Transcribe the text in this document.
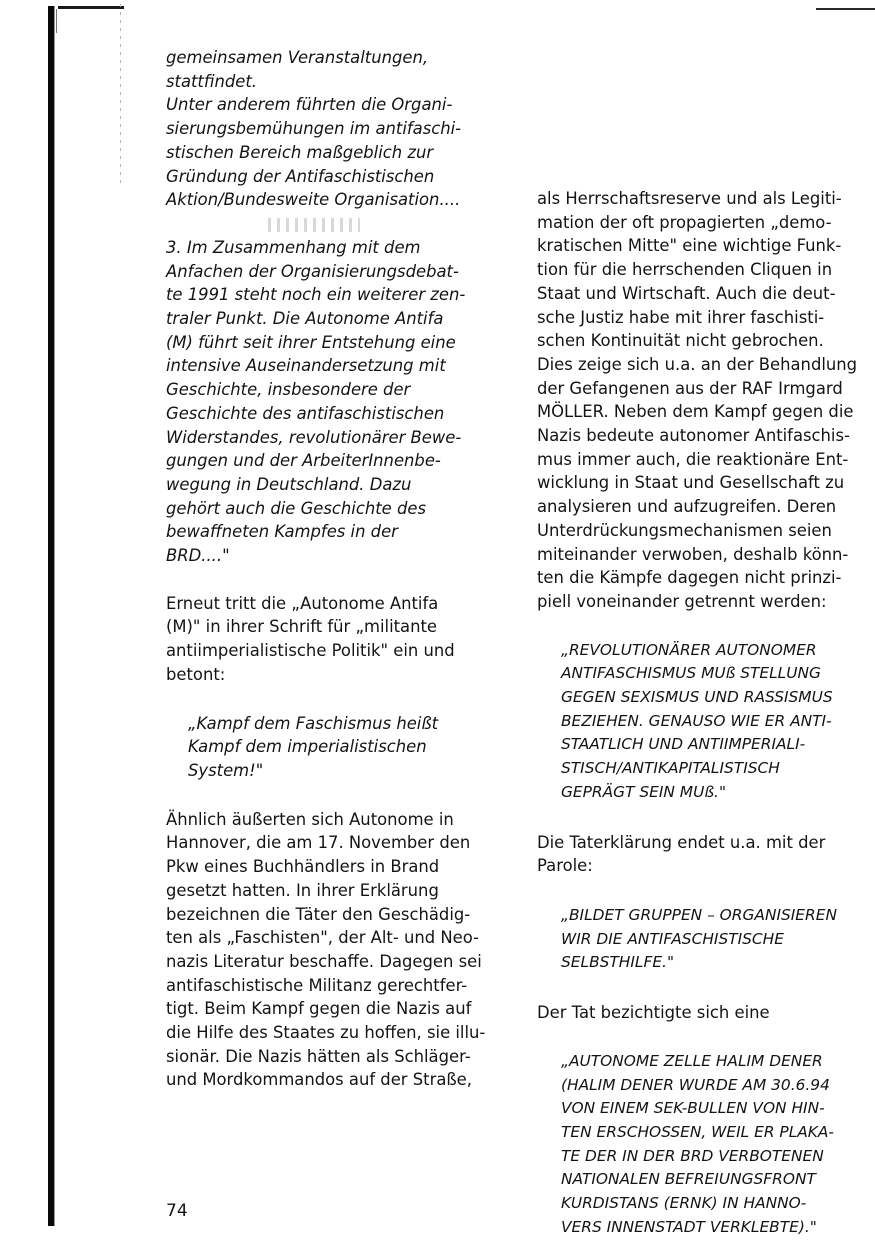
gemeinsamen Veranstaltungen,
stattfindet.

Unter anderem führten die Organi-
sierungsbemühungen im antifaschi-
stischen Bereich maßgeblich zur
Gründung der Antifaschistischen
Aktion/Bundesweite Organisation....

3. Im Zusammenhang mit dem
Anfachen der Organisierungsdebat-
te 1991 steht noch ein weiterer zen-
traler Punkt. Die Autonome Antifa
(M) führt seit ihrer Entstehung eine
intensive Auseinandersetzung mit
Geschichte, insbesondere der
Geschichte des antifaschistischen
Widerstandes, revolutionärer Bewe-
gungen und der ArbeiterInnenbe-
wegung in Deutschland. Dazu
gehört auch die Geschichte des
bewaffneten Kampfes in der
BRD...."

Erneut tritt die „Autonome Antifa
(M)" in ihrer Schrift für „militante
antiimperialistische Politik" ein und
betont:

„Kampf dem Faschismus heißt
Kampf dem imperialistischen
System!"

Ähnlich äußerten sich Autonome in
Hannover, die am 17. November den
Pkw eines Buchhändlers in Brand
gesetzt hatten. In ihrer Erklärung
bezeichnen die Täter den Geschädig-
ten als „Faschisten", der Alt- und Neo-
nazis Literatur beschaffe. Dagegen sei
antifaschistische Militanz gerechtfer-
tigt. Beim Kampf gegen die Nazis auf
die Hilfe des Staates zu hoffen, sie illu-
sionär. Die Nazis hätten als Schläger-
und Mordkommandos auf der Straße,

als Herrschaftsreserve und als Legiti-
mation der oft propagierten „demo-
kratischen Mitte" eine wichtige Funk-
tion für die herrschenden Cliquen in
Staat und Wirtschaft. Auch die deut-
sche Justiz habe mit ihrer faschisti-
schen Kontinuität nicht gebrochen.
Dies zeige sich u.a. an der Behandlung
der Gefangenen aus der RAF Irmgard
MÖLLER. Neben dem Kampf gegen die
Nazis bedeute autonomer Antifaschis-
mus immer auch, die reaktionäre Ent-
wicklung in Staat und Gesellschaft zu
analysieren und aufzugreifen. Deren
Unterdrückungsmechanismen seien
miteinander verwoben, deshalb könn-
ten die Kämpfe dagegen nicht prinzi-
piell voneinander getrennt werden:

„REVOLUTIONÄRER AUTONOMER
ANTIFASCHISMUS MUß STELLUNG
GEGEN SEXISMUS UND RASSISMUS
BEZIEHEN. GENAUSO WIE ER ANTI-
STAATLICH UND ANTIIMPERIALI-
STISCH/ANTIKAPITALISTISCH
GEPRÄGT SEIN MUß."

Die Taterklärung endet u.a. mit der
Parole:

„BILDET GRUPPEN – ORGANISIEREN
WIR DIE ANTIFASCHISTISCHE
SELBSTHILFE."

Der Tat bezichtigte sich eine

„AUTONOME ZELLE HALIM DENER
(HALIM DENER WURDE AM 30.6.94
VON EINEM SEK-BULLEN VON HIN-
TEN ERSCHOSSEN, WEIL ER PLAKA-
TE DER IN DER BRD VERBOTENEN
NATIONALEN BEFREIUNGSFRONT
KURDISTANS (ERNK) IN HANNO-
VERS INNENSTADT VERKLEBTE)."

74
